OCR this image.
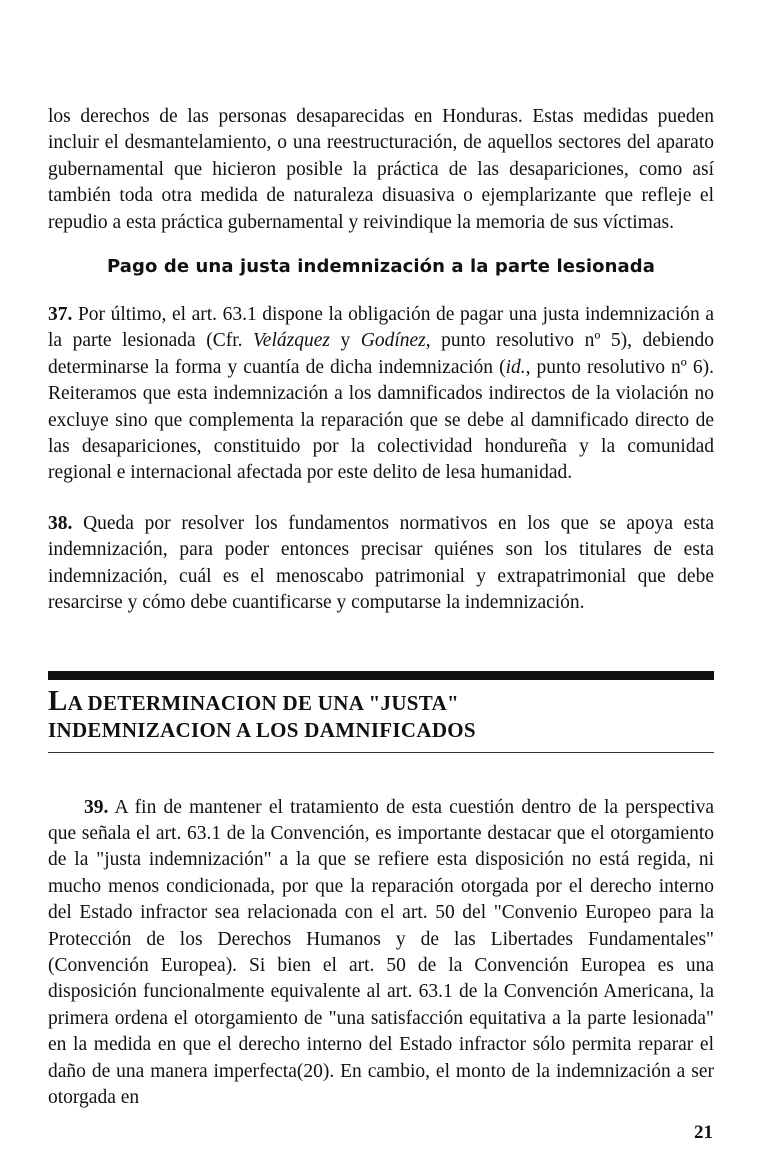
los derechos de las personas desaparecidas en Honduras. Estas medidas pueden incluir el desmantelamiento, o una reestructuración, de aquellos sectores del aparato gubernamental que hicieron posible la práctica de las desapariciones, como así también toda otra medida de naturaleza disuasiva o ejemplarizante que refleje el repudio a esta práctica gubernamental y reivindique la memoria de sus víctimas.

Pago de una justa indemnización a la parte lesionada

37. Por último, el art. 63.1 dispone la obligación de pagar una justa indemnización a la parte lesionada (Cfr. Velázquez y Godínez, punto resolutivo nº 5), debiendo determinarse la forma y cuantía de dicha indemnización (id., punto resolutivo nº 6). Reiteramos que esta indemnización a los damnificados indirectos de la violación no excluye sino que complementa la reparación que se debe al damnificado directo de las desapariciones, constituido por la colectividad hondureña y la comunidad regional e internacional afectada por este delito de lesa humanidad.

38. Queda por resolver los fundamentos normativos en los que se apoya esta indemnización, para poder entonces precisar quiénes son los titulares de esta indemnización, cuál es el menoscabo patrimonial y extrapatrimonial que debe resarcirse y cómo debe cuantificarse y computarse la indemnización.

LA DETERMINACION DE UNA "JUSTA"
INDEMNIZACION A LOS DAMNIFICADOS

39. A fin de mantener el tratamiento de esta cuestión dentro de la perspectiva que señala el art. 63.1 de la Convención, es importante destacar que el otorgamiento de la "justa indemnización" a la que se refiere esta disposición no está regida, ni mucho menos condicionada, por que la reparación otorgada por el derecho interno del Estado infractor sea relacionada con el art. 50 del "Convenio Europeo para la Protección de los Derechos Humanos y de las Libertades Fundamentales" (Convención Europea). Si bien el art. 50 de la Convención Europea es una disposición funcionalmente equivalente al art. 63.1 de la Convención Americana, la primera ordena el otorgamiento de "una satisfacción equitativa a la parte lesionada" en la medida en que el derecho interno del Estado infractor sólo permita reparar el daño de una manera imperfecta(20). En cambio, el monto de la indemnización a ser otorgada en

21
